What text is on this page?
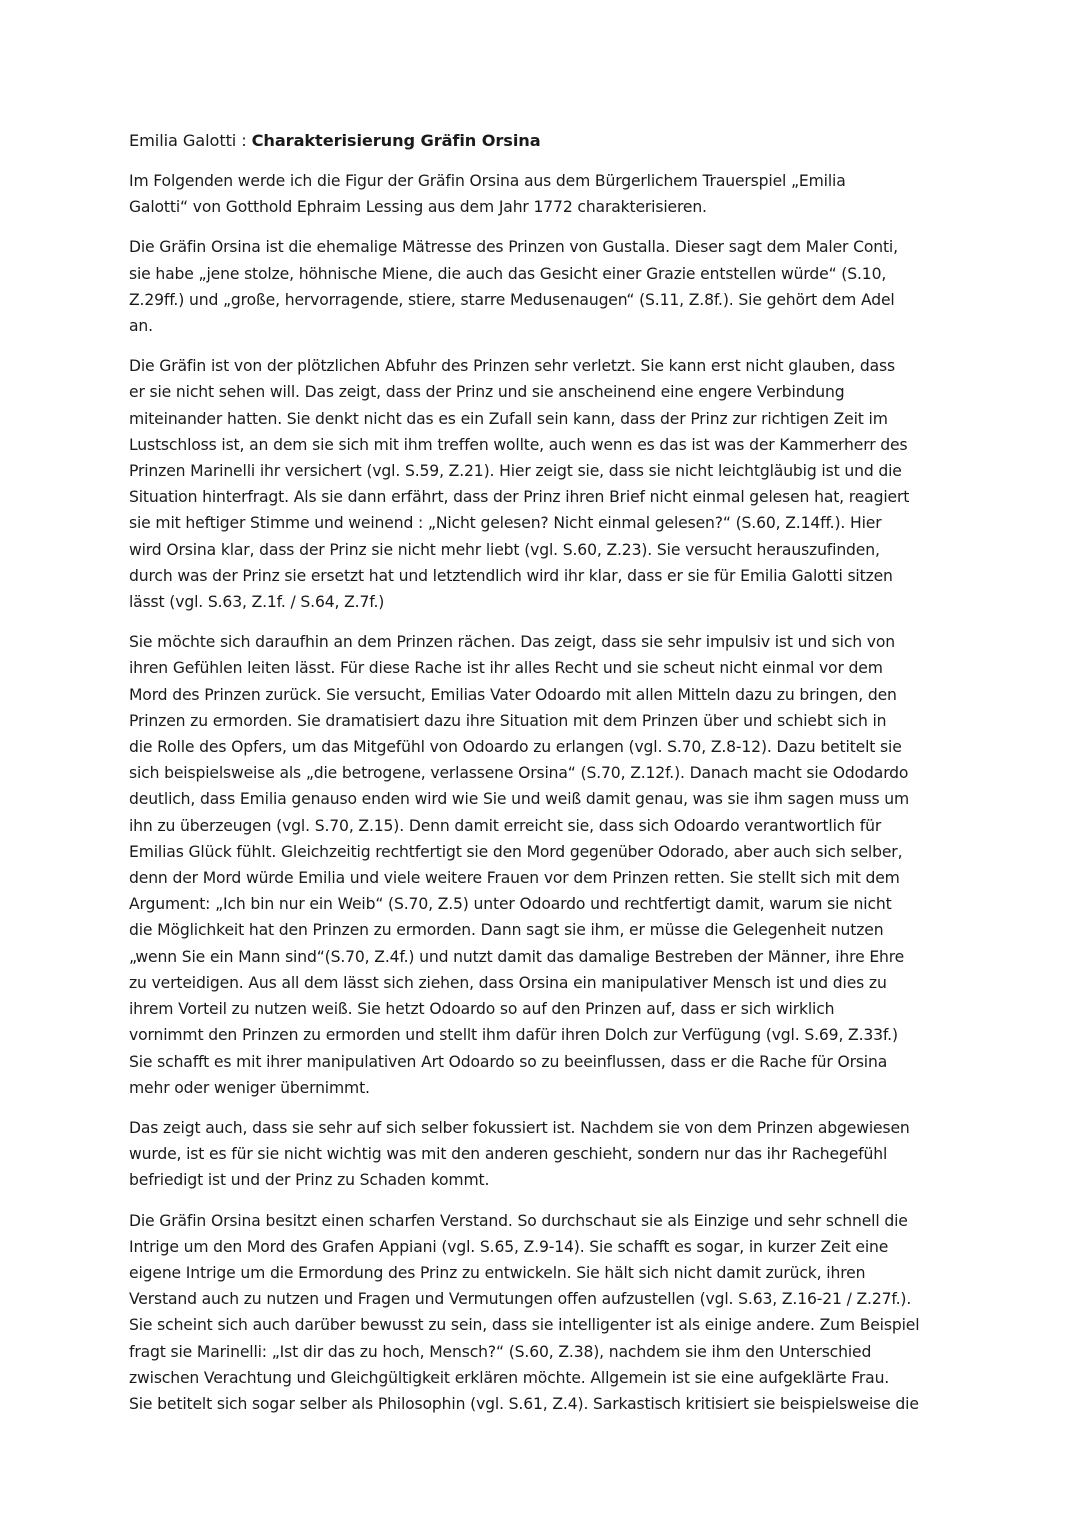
Emilia Galotti : Charakterisierung Gräfin Orsina
Im Folgenden werde ich die Figur der Gräfin Orsina aus dem Bürgerlichem Trauerspiel „Emilia
Galotti“ von Gotthold Ephraim Lessing aus dem Jahr 1772 charakterisieren.
Die Gräfin Orsina ist die ehemalige Mätresse des Prinzen von Gustalla. Dieser sagt dem Maler Conti,
sie habe „jene stolze, höhnische Miene, die auch das Gesicht einer Grazie entstellen würde“ (S.10,
Z.29ff.) und „große, hervorragende, stiere, starre Medusenaugen“ (S.11, Z.8f.). Sie gehört dem Adel
an.
Die Gräfin ist von der plötzlichen Abfuhr des Prinzen sehr verletzt. Sie kann erst nicht glauben, dass
er sie nicht sehen will. Das zeigt, dass der Prinz und sie anscheinend eine engere Verbindung
miteinander hatten. Sie denkt nicht das es ein Zufall sein kann, dass der Prinz zur richtigen Zeit im
Lustschloss ist, an dem sie sich mit ihm treffen wollte, auch wenn es das ist was der Kammerherr des
Prinzen Marinelli ihr versichert (vgl. S.59, Z.21). Hier zeigt sie, dass sie nicht leichtgläubig ist und die
Situation hinterfragt. Als sie dann erfährt, dass der Prinz ihren Brief nicht einmal gelesen hat, reagiert
sie mit heftiger Stimme und weinend : „Nicht gelesen? Nicht einmal gelesen?“ (S.60, Z.14ff.). Hier
wird Orsina klar, dass der Prinz sie nicht mehr liebt (vgl. S.60, Z.23). Sie versucht herauszufinden,
durch was der Prinz sie ersetzt hat und letztendlich wird ihr klar, dass er sie für Emilia Galotti sitzen
lässt (vgl. S.63, Z.1f. / S.64, Z.7f.)
Sie möchte sich daraufhin an dem Prinzen rächen. Das zeigt, dass sie sehr impulsiv ist und sich von
ihren Gefühlen leiten lässt. Für diese Rache ist ihr alles Recht und sie scheut nicht einmal vor dem
Mord des Prinzen zurück. Sie versucht, Emilias Vater Odoardo mit allen Mitteln dazu zu bringen, den
Prinzen zu ermorden. Sie dramatisiert dazu ihre Situation mit dem Prinzen über und schiebt sich in
die Rolle des Opfers, um das Mitgefühl von Odoardo zu erlangen (vgl. S.70, Z.8-12). Dazu betitelt sie
sich beispielsweise als „die betrogene, verlassene Orsina“ (S.70, Z.12f.). Danach macht sie Ododardo
deutlich, dass Emilia genauso enden wird wie Sie und weiß damit genau, was sie ihm sagen muss um
ihn zu überzeugen (vgl. S.70, Z.15). Denn damit erreicht sie, dass sich Odoardo verantwortlich für
Emilias Glück fühlt. Gleichzeitig rechtfertigt sie den Mord gegenüber Odorado, aber auch sich selber,
denn der Mord würde Emilia und viele weitere Frauen vor dem Prinzen retten. Sie stellt sich mit dem
Argument: „Ich bin nur ein Weib“ (S.70, Z.5) unter Odoardo und rechtfertigt damit, warum sie nicht
die Möglichkeit hat den Prinzen zu ermorden. Dann sagt sie ihm, er müsse die Gelegenheit nutzen
„wenn Sie ein Mann sind“(S.70, Z.4f.) und nutzt damit das damalige Bestreben der Männer, ihre Ehre
zu verteidigen. Aus all dem lässt sich ziehen, dass Orsina ein manipulativer Mensch ist und dies zu
ihrem Vorteil zu nutzen weiß. Sie hetzt Odoardo so auf den Prinzen auf, dass er sich wirklich
vornimmt den Prinzen zu ermorden und stellt ihm dafür ihren Dolch zur Verfügung (vgl. S.69, Z.33f.)
Sie schafft es mit ihrer manipulativen Art Odoardo so zu beeinflussen, dass er die Rache für Orsina
mehr oder weniger übernimmt.
Das zeigt auch, dass sie sehr auf sich selber fokussiert ist. Nachdem sie von dem Prinzen abgewiesen
wurde, ist es für sie nicht wichtig was mit den anderen geschieht, sondern nur das ihr Rachegefühl
befriedigt ist und der Prinz zu Schaden kommt.
Die Gräfin Orsina besitzt einen scharfen Verstand. So durchschaut sie als Einzige und sehr schnell die
Intrige um den Mord des Grafen Appiani (vgl. S.65, Z.9-14). Sie schafft es sogar, in kurzer Zeit eine
eigene Intrige um die Ermordung des Prinz zu entwickeln. Sie hält sich nicht damit zurück, ihren
Verstand auch zu nutzen und Fragen und Vermutungen offen aufzustellen (vgl. S.63, Z.16-21 / Z.27f.).
Sie scheint sich auch darüber bewusst zu sein, dass sie intelligenter ist als einige andere. Zum Beispiel
fragt sie Marinelli: „Ist dir das zu hoch, Mensch?“ (S.60, Z.38), nachdem sie ihm den Unterschied
zwischen Verachtung und Gleichgültigkeit erklären möchte. Allgemein ist sie eine aufgeklärte Frau.
Sie betitelt sich sogar selber als Philosophin (vgl. S.61, Z.4). Sarkastisch kritisiert sie beispielsweise die
